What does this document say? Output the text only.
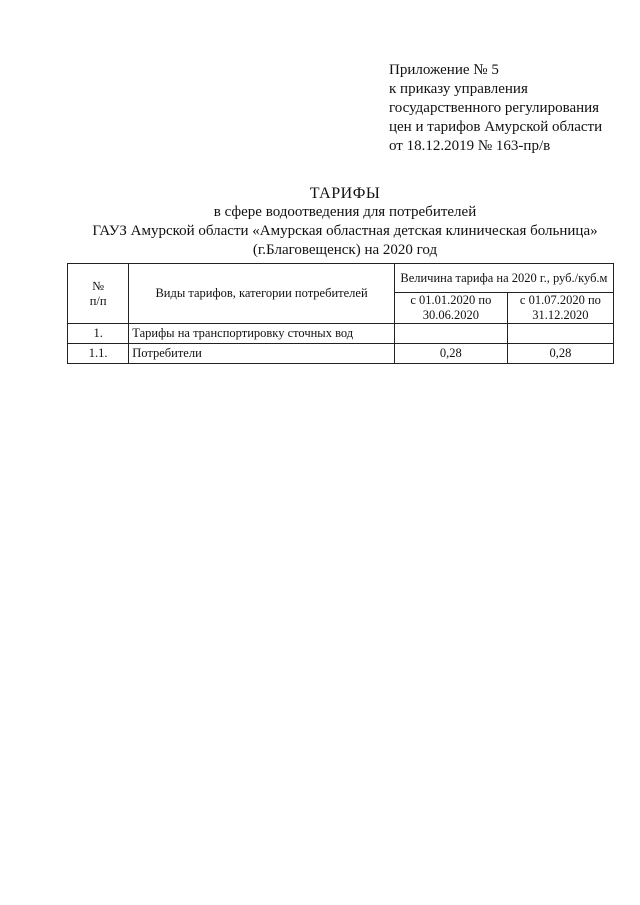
Приложение № 5
к приказу управления
государственного регулирования
цен и тарифов Амурской области
от 18.12.2019 № 163-пр/в
ТАРИФЫ
в сфере водоотведения для потребителей
ГАУЗ Амурской области «Амурская областная детская клиническая больница»
(г.Благовещенск) на 2020 год
№
п/п	Виды тарифов, категории потребителей	Величина тарифа на 2020 г., руб./куб.м	
		с 01.01.2020 по 30.06.2020	с 01.07.2020 по 31.12.2020
1.	Тарифы на транспортировку сточных вод		
1.1.	Потребители	0,28	0,28
